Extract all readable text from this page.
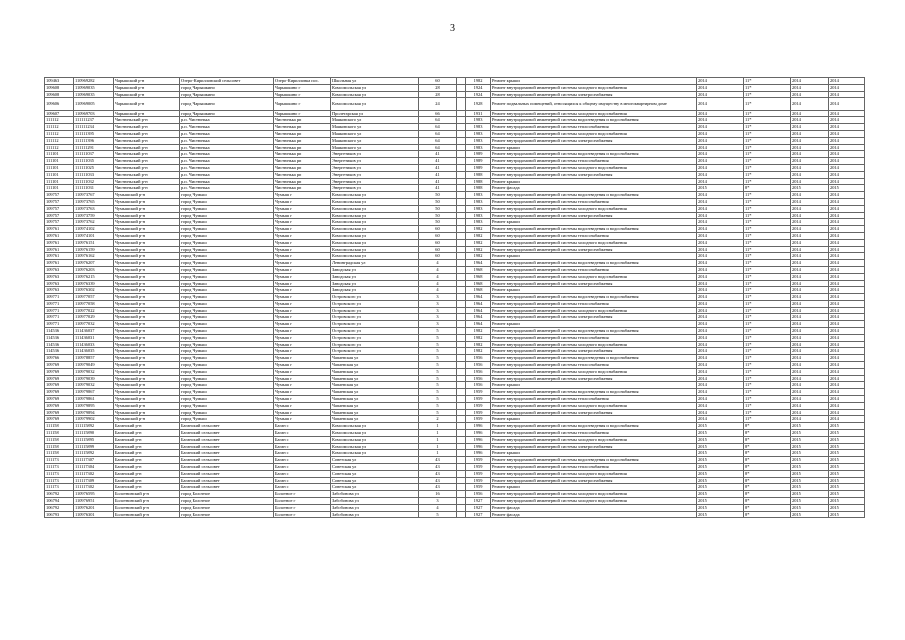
3
109463	110969282	Чарышский р-н	Озеро-Кирилловский сельсовет	Озеро-Кирилловка пос.	Школьная ул	60		1982	Ремонт крыши	2014	11*	2014	2014
109608	110969035	Чарышский р-н	город Чарышкино	Чарышкино г	Комсомольская ул	28		1924	Ремонт внутридомовой инженерной системы холодного водоснабжения	2014	11*	2014	2014
109608	110969035	Чарышский р-н	город Чарышкино	Чарышкино г	Комсомольская ул	28		1924	Ремонт внутридомовой инженерной системы электроснабжения	2014	11*	2014	2014
109606	110969005	Чарышский р-н	город Чарышкино	Чарышкино г	Комсомольская ул	24		1928	Ремонт подвальных помещений, относящихся к общему имуществу в многоквартирном доме	2014	11*	2014	2014
109607	110969703	Чарышский р-н	город Чарышкино	Чарышкино г	Пролетарская ул	66		1931	Ремонт внутридомовой инженерной системы холодного водоснабжения	2014	11*	2014	2014
111112	111111237	Чистюньский р-н	р.п. Чистюнька	Чистюнька рп	Маяковского ул	64		1983	Ремонт внутридомовой инженерной системы водоотведения и водоснабжения	2014	11*	2014	2014
111112	111111234	Чистюньский р-н	р.п. Чистюнька	Чистюнька рп	Маяковского ул	64		1983	Ремонт внутридомовой инженерной системы теплоснабжения	2014	11*	2014	2014
111112	111111395	Чистюньский р-н	р.п. Чистюнька	Чистюнька рп	Маяковского ул	64		1983	Ремонт внутридомовой инженерной системы холодного водоснабжения	2014	11*	2014	2014
111112	111111396	Чистюньский р-н	р.п. Чистюнька	Чистюнька рп	Маяковского ул	64		1983	Ремонт внутридомовой инженерной системы электроснабжения	2014	11*	2014	2014
111112	111111291	Чистюньский р-н	р.п. Чистюнька	Чистюнька рп	Маяковского ул	64		1983	Ремонт крыши	2014	11*	2014	2014
111101	111111037	Чистюньский р-н	р.п. Чистюнька	Чистюнька рп	Энергетиков ул	41		1989	Ремонт внутридомовой инженерной системы водоотведения и водоснабжения	2014	11*	2014	2014
111101	111111035	Чистюньский р-н	р.п. Чистюнька	Чистюнька рп	Энергетиков ул	41		1989	Ремонт внутридомовой инженерной системы теплоснабжения	2014	11*	2014	2014
111101	111111025	Чистюньский р-н	р.п. Чистюнька	Чистюнька рп	Энергетиков ул	41		1989	Ремонт внутридомовой инженерной системы холодного водоснабжения	2014	11*	2014	2014
111101	111111033	Чистюньский р-н	р.п. Чистюнька	Чистюнька рп	Энергетиков ул	41		1988	Ремонт внутридомовой инженерной системы электроснабжения	2014	11*	2014	2014
111101	111111032	Чистюньский р-н	р.п. Чистюнька	Чистюнька рп	Энергетиков ул	41		1988	Ремонт крыши	2014	11*	2014	2014
111101	111111031	Чистюньский р-н	р.п. Чистюнька	Чистюнька рп	Энергетиков ул	41		1988	Ремонт фасада	2015	8*	2015	2015
109757	110973767	Чумышский р-н	город Чумыш	Чумыш г	Комсомольская ул	50		1983	Ремонт внутридомовой инженерной системы водоотведения и водоснабжения	2014	11*	2014	2014
109757	110973765	Чумышский р-н	город Чумыш	Чумыш г	Комсомольская ул	50		1983	Ремонт внутридомовой инженерной системы теплоснабжения	2014	11*	2014	2014
109757	110973763	Чумышский р-н	город Чумыш	Чумыш г	Комсомольская ул	50		1983	Ремонт внутридомовой инженерной системы холодного водоснабжения	2014	11*	2014	2014
109757	110973759	Чумышский р-н	город Чумыш	Чумыш г	Комсомольская ул	50		1983	Ремонт внутридомовой инженерной системы электроснабжения	2014	11*	2014	2014
109757	110973762	Чумышский р-н	город Чумыш	Чумыш г	Комсомольская ул	50		1983	Ремонт крыши	2014	11*	2014	2014
109761	110974102	Чумышский р-н	город Чумыш	Чумыш г	Комсомольская ул	60		1982	Ремонт внутридомовой инженерной системы водоотведения и водоснабжения	2014	11*	2014	2014
109761	110974101	Чумышский р-н	город Чумыш	Чумыш г	Комсомольская ул	60		1982	Ремонт внутридомовой инженерной системы теплоснабжения	2014	11*	2014	2014
109761	110976151	Чумышский р-н	город Чумыш	Чумыш г	Комсомольская ул	60		1982	Ремонт внутридомовой инженерной системы холодного водоснабжения	2014	11*	2014	2014
109761	110976159	Чумышский р-н	город Чумыш	Чумыш г	Комсомольская ул	60		1982	Ремонт внутридомовой инженерной системы электроснабжения	2014	11*	2014	2014
109761	110976162	Чумышский р-н	город Чумыш	Чумыш г	Комсомольская ул	60		1982	Ремонт крыши	2014	11*	2014	2014
109761	110976207	Чумышский р-н	город Чумыш	Чумыш г	Ленинградская ул	4		1964	Ремонт внутридомовой инженерной системы водоотведения и водоснабжения	2014	11*	2014	2014
109763	110976203	Чумышский р-н	город Чумыш	Чумыш г	Заводская ул	4		1968	Ремонт внутридомовой инженерной системы теплоснабжения	2014	11*	2014	2014
109763	110976215	Чумышский р-н	город Чумыш	Чумыш г	Заводская ул	4		1968	Ремонт внутридомовой инженерной системы холодного водоснабжения	2014	11*	2014	2014
109763	110976339	Чумышский р-н	город Чумыш	Чумыш г	Заводская ул	4		1968	Ремонт внутридомовой инженерной системы электроснабжения	2014	11*	2014	2014
109763	110976302	Чумышский р-н	город Чумыш	Чумыш г	Заводская ул	4		1968	Ремонт крыши	2014	11*	2014	2014
109771	110977057	Чумышский р-н	город Чумыш	Чумыш г	Островского ул	3		1964	Ремонт внутридомовой инженерной системы водоотведения и водоснабжения	2014	11*	2014	2014
109771	110977058	Чумышский р-н	город Чумыш	Чумыш г	Островского ул	3		1964	Ремонт внутридомовой инженерной системы теплоснабжения	2014	11*	2014	2014
109771	110977022	Чумышский р-н	город Чумыш	Чумыш г	Островского ул	3		1964	Ремонт внутридомовой инженерной системы холодного водоснабжения	2014	11*	2014	2014
109771	110977029	Чумышский р-н	город Чумыш	Чумыш г	Островского ул	3		1964	Ремонт внутридомовой инженерной системы электроснабжения	2014	11*	2014	2014
109771	110977032	Чумышский р-н	город Чумыш	Чумыш г	Островского ул	3		1964	Ремонт крыши	2014	11*	2014	2014
114536	111436037	Чумышский р-н	город Чумыш	Чумыш г	Островского ул	5		1982	Ремонт внутридомовой инженерной системы водоотведения и водоснабжения	2014	11*	2014	2014
114536	111436031	Чумышский р-н	город Чумыш	Чумыш г	Островского ул	5		1982	Ремонт внутридомовой инженерной системы теплоснабжения	2014	11*	2014	2014
114536	111436033	Чумышский р-н	город Чумыш	Чумыш г	Островского ул	5		1982	Ремонт внутридомовой инженерной системы холодного водоснабжения	2014	11*	2014	2014
114536	111436035	Чумышский р-н	город Чумыш	Чумыш г	Островского ул	5		1982	Ремонт внутридомовой инженерной системы электроснабжения	2014	11*	2014	2014
109766	110978857	Чумышский р-н	город Чумыш	Чумыш г	Чапаевская ул	5		1956	Ремонт внутридомовой инженерной системы водоотведения и водоснабжения	2014	11*	2014	2014
109769	110979049	Чумышский р-н	город Чумыш	Чумыш г	Чапаевская ул	5		1956	Ремонт внутридомовой инженерной системы теплоснабжения	2014	11*	2014	2014
109769	110979032	Чумышский р-н	город Чумыш	Чумыш г	Чапаевская ул	5		1956	Ремонт внутридомовой инженерной системы холодного водоснабжения	2014	11*	2014	2014
109769	110979039	Чумышский р-н	город Чумыш	Чумыш г	Чапаевская ул	5		1956	Ремонт внутридомовой инженерной системы электроснабжения	2014	11*	2014	2014
109769	110979032	Чумышский р-н	город Чумыш	Чумыш г	Чапаевская ул	5		1956	Ремонт крыши	2014	11*	2014	2014
109769	110979867	Чумышский р-н	город Чумыш	Чумыш г	Чапаевская ул	5		1959	Ремонт внутридомовой инженерной системы водоотведения и водоснабжения	2014	11*	2014	2014
109769	110979861	Чумышский р-н	город Чумыш	Чумыш г	Чапаевская ул	5		1959	Ремонт внутридомовой инженерной системы теплоснабжения	2014	11*	2014	2014
109769	110979895	Чумышский р-н	город Чумыш	Чумыш г	Чапаевская ул	5		1959	Ремонт внутридомовой инженерной системы холодного водоснабжения	2014	11*	2014	2014
109769	110979894	Чумышский р-н	город Чумыш	Чумыш г	Чапаевская ул	5		1959	Ремонт внутридомовой инженерной системы электроснабжения	2014	11*	2014	2014
109769	110979902	Чумышский р-н	город Чумыш	Чумыш г	Чапаевская ул	2		1959	Ремонт крыши	2014	11*	2014	2014
111158	111115892	Баганский р-н	Баганский сельсовет	Баган с	Комсомольская ул	1		1996	Ремонт внутридомовой инженерной системы водоотведения и водоснабжения	2015	8*	2015	2015
111158	111115890	Баганский р-н	Баганский сельсовет	Баган с	Комсомольская ул	1		1996	Ремонт внутридомовой инженерной системы теплоснабжения	2015	8*	2015	2015
111158	111115895	Баганский р-н	Баганский сельсовет	Баган с	Комсомольская ул	1		1996	Ремонт внутридомовой инженерной системы холодного водоснабжения	2015	8*	2015	2015
111158	111115899	Баганский р-н	Баганский сельсовет	Баган с	Комсомольская ул	1		1996	Ремонт внутридомовой инженерной системы электроснабжения	2015	8*	2015	2015
111158	111115892	Баганский р-н	Баганский сельсовет	Баган с	Комсомольская ул	1		1996	Ремонт крыши	2015	8*	2015	2015
111173	111117307	Баганский р-н	Баганский сельсовет	Баган с	Советская ул	43		1959	Ремонт внутридомовой инженерной системы водоотведения и водоснабжения	2015	8*	2015	2015
111173	111117304	Баганский р-н	Баганский сельсовет	Баган с	Советская ул	43		1959	Ремонт внутридомовой инженерной системы теплоснабжения	2015	8*	2015	2015
111173	111117302	Баганский р-н	Баганский сельсовет	Баган с	Советская ул	43		1959	Ремонт внутридомовой инженерной системы холодного водоснабжения	2015	8*	2015	2015
111173	111117309	Баганский р-н	Баганский сельсовет	Баган с	Советская ул	43		1959	Ремонт внутридомовой инженерной системы электроснабжения	2015	8*	2015	2015
111173	111117302	Баганский р-н	Баганский сельсовет	Баган с	Советская ул	43		1959	Ремонт крыши	2015	8*	2015	2015
106792	110976595	Болотнинский р-н	город Болотное	Болотное г	Забобонова ул	16		1956	Ремонт внутридомовой инженерной системы холодного водоснабжения	2015	8*	2015	2015
106794	110976951	Болотнинский р-н	город Болотное	Болотное г	Забобонова ул	3		1927	Ремонт внутридомовой инженерной системы холодного водоснабжения	2015	8*	2015	2015
106792	110976201	Болотнинский р-н	город Болотное	Болотное г	Забобонова ул	4		1927	Ремонт фасада	2015	8*	2015	2015
106793	110976301	Болотнинский р-н	город Болотное	Болотное г	Забобонова ул	5		1927	Ремонт фасада	2015	8*	2015	2015
